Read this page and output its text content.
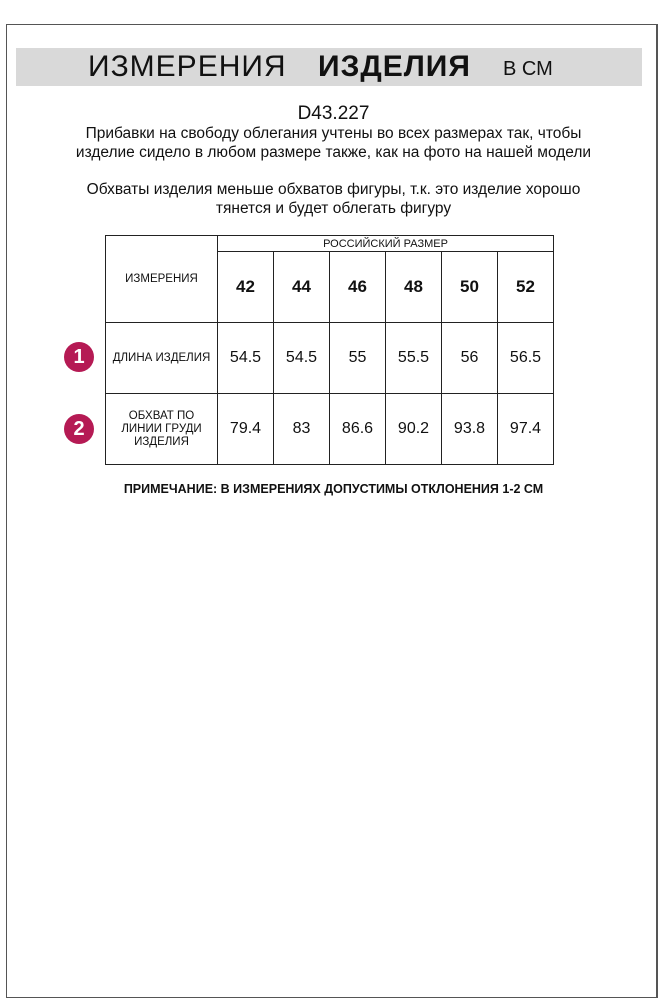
ИЗМЕРЕНИЯ ИЗДЕЛИЯ В СМ
D43.227
Прибавки на свободу облегания учтены во всех размерах так, чтобы изделие сидело в любом размере также, как на фото на нашей модели
Обхваты изделия меньше обхватов фигуры, т.к. это изделие хорошо тянется и будет облегать фигуру
ИЗМЕРЕНИЯ	РОССИЙСКИЙ РАЗМЕР					
	42	44	46	48	50	52
ДЛИНА ИЗДЕЛИЯ	54.5	54.5	55	55.5	56	56.5
ОБХВАТ ПО ЛИНИИ ГРУДИ ИЗДЕЛИЯ	79.4	83	86.6	90.2	93.8	97.4
1
2
ПРИМЕЧАНИЕ: В ИЗМЕРЕНИЯХ ДОПУСТИМЫ ОТКЛОНЕНИЯ 1-2 СМ
